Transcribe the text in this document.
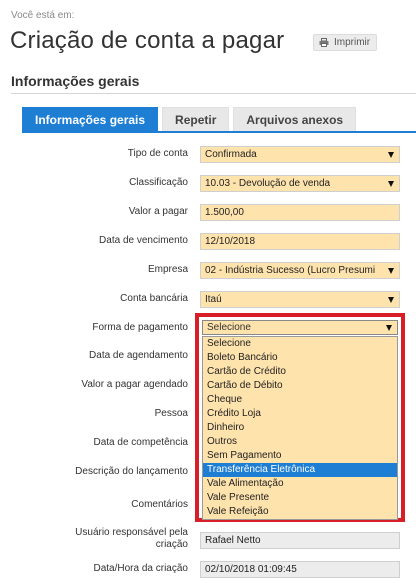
Você está em:
Criação de conta a pagar	Imprimir
Informações gerais
Informações gerais	Repetir	Arquivos anexos
Tipo de conta	Confirmada
Classificação	10.03 - Devolução de venda
Valor a pagar	1.500,00
Data de vencimento	12/10/2018
Empresa	02 - Indústria Sucesso (Lucro Presumi
Conta bancária	Itaú
Forma de pagamento
Data de agendamento
Valor a pagar agendado
Pessoa
Data de competência
Descrição do lançamento
Comentários
Usuário responsável pela
criação	Rafael Netto
Data/Hora da criação	02/10/2018 01:09:45
Selecione
Selecione
Boleto Bancário
Cartão de Crédito
Cartão de Débito
Cheque
Crédito Loja
Dinheiro
Outros
Sem Pagamento
Transferência Eletrônica
Vale Alimentação
Vale Presente
Vale Refeição
